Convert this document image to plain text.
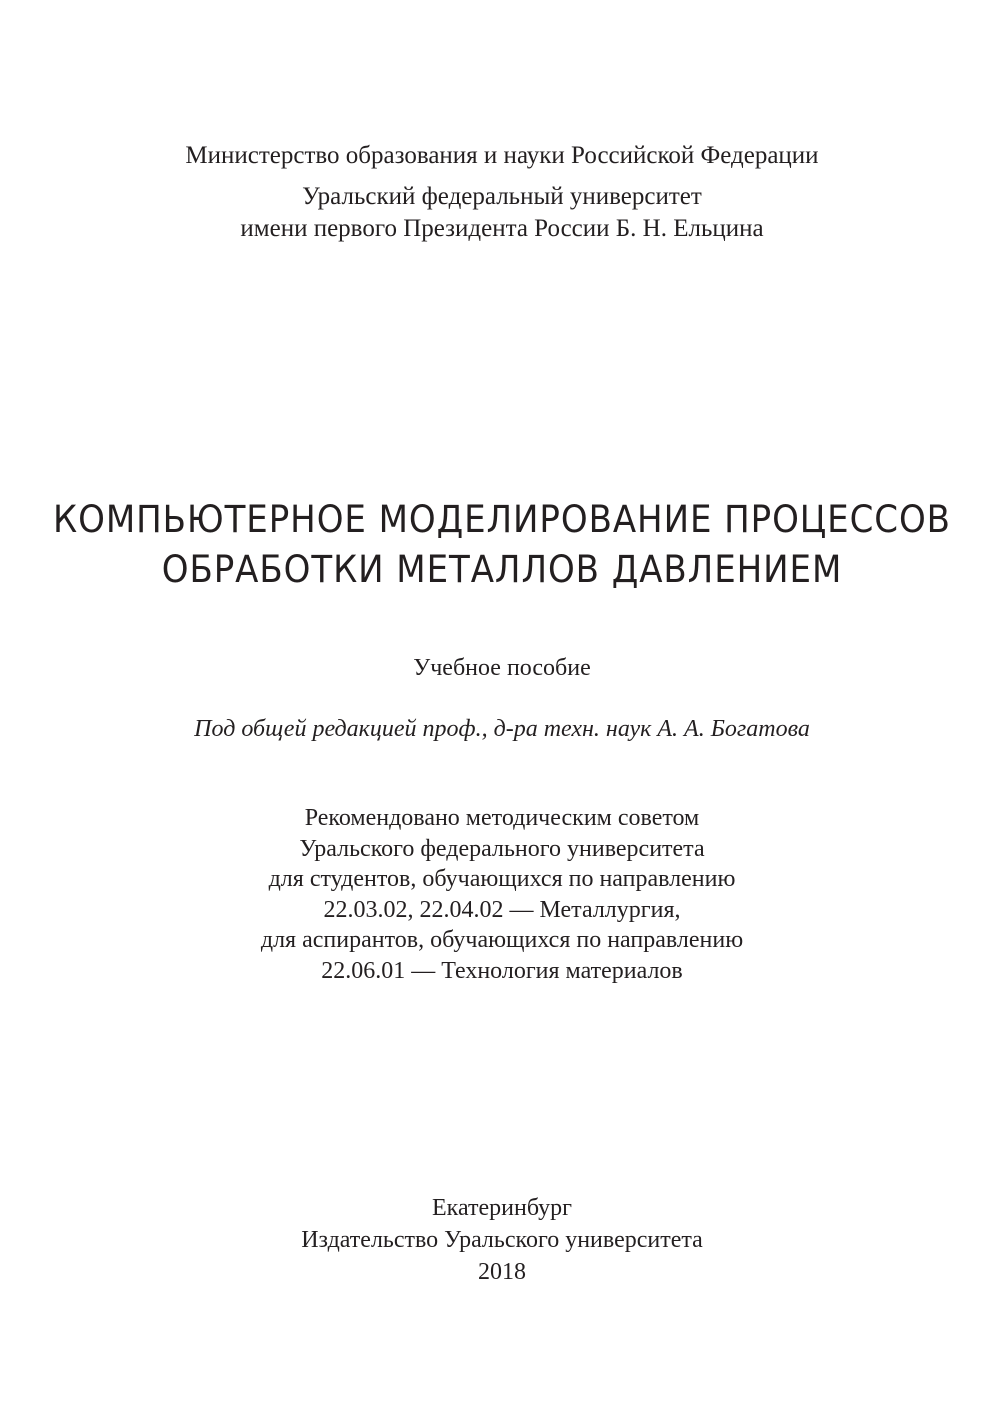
Министерство образования и науки Российской Федерации
Уральский федеральный университет
имени первого Президента России Б. Н. Ельцина
КОМПЬЮТЕРНОЕ МОДЕЛИРОВАНИЕ ПРОЦЕССОВ
ОБРАБОТКИ МЕТАЛЛОВ ДАВЛЕНИЕМ
Учебное пособие
Под общей редакцией проф., д-ра техн. наук А. А. Богатова
Рекомендовано методическим советом
Уральского федерального университета
для студентов, обучающихся по направлению
22.03.02, 22.04.02 — Металлургия,
для аспирантов, обучающихся по направлению
22.06.01 — Технология материалов
Екатеринбург
Издательство Уральского университета
2018
